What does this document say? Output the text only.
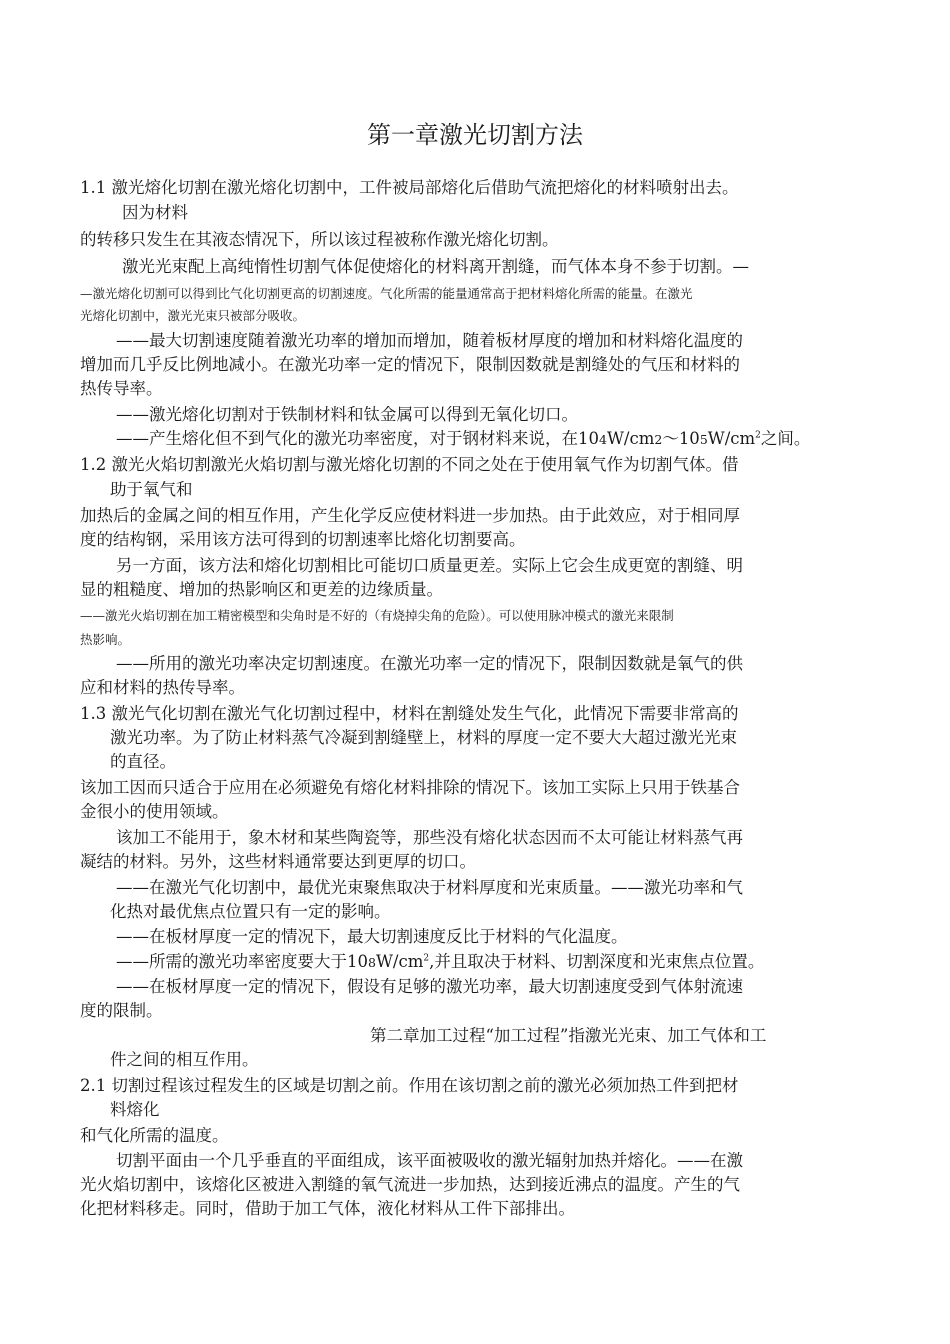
第一章激光切割方法
1.1 激光熔化切割在激光熔化切割中，工件被局部熔化后借助气流把熔化的材料喷射出去。
因为材料
的转移只发生在其液态情况下，所以该过程被称作激光熔化切割。
激光光束配上高纯惰性切割气体促使熔化的材料离开割缝，而气体本身不参于切割。—
—激光熔化切割可以得到比气化切割更高的切割速度。气化所需的能量通常高于把材料熔化所需的能量。在激光
光熔化切割中，激光光束只被部分吸收。
——最大切割速度随着激光功率的增加而增加，随着板材厚度的增加和材料熔化温度的
增加而几乎反比例地减小。在激光功率一定的情况下，限制因数就是割缝处的气压和材料的
热传导率。
——激光熔化切割对于铁制材料和钛金属可以得到无氧化切口。
——产生熔化但不到气化的激光功率密度，对于钢材料来说，在$104W/cm2\sim 105W/cm^2$之间。
1.2 激光火焰切割激光火焰切割与激光熔化切割的不同之处在于使用氧气作为切割气体。借
助于氧气和
加热后的金属之间的相互作用，产生化学反应使材料进一步加热。由于此效应，对于相同厚
度的结构钢，采用该方法可得到的切割速率比熔化切割要高。
另一方面，该方法和熔化切割相比可能切口质量更差。实际上它会生成更宽的割缝、明
显的粗糙度、增加的热影响区和更差的边缘质量。
——激光火焰切割在加工精密模型和尖角时是不好的（有烧掉尖角的危险）。可以使用脉冲模式的激光来限制
热影响。
——所用的激光功率决定切割速度。在激光功率一定的情况下，限制因数就是氧气的供
应和材料的热传导率。
1.3 激光气化切割在激光气化切割过程中，材料在割缝处发生气化，此情况下需要非常高的
激光功率。为了防止材料蒸气冷凝到割缝壁上，材料的厚度一定不要大大超过激光光束
的直径。
该加工因而只适合于应用在必须避免有熔化材料排除的情况下。该加工实际上只用于铁基合
金很小的使用领域。
该加工不能用于，象木材和某些陶瓷等，那些没有熔化状态因而不太可能让材料蒸气再
凝结的材料。另外，这些材料通常要达到更厚的切口。
——在激光气化切割中，最优光束聚焦取决于材料厚度和光束质量。——激光功率和气
化热对最优焦点位置只有一定的影响。
——在板材厚度一定的情况下，最大切割速度反比于材料的气化温度。
——所需的激光功率密度要大于$108W/cm^2$,并且取决于材料、切割深度和光束焦点位置。
——在板材厚度一定的情况下，假设有足够的激光功率，最大切割速度受到气体射流速
度的限制。
第二章加工过程“加工过程”指激光光束、加工气体和工
件之间的相互作用。
2.1 切割过程该过程发生的区域是切割之前。作用在该切割之前的激光必须加热工件到把材
料熔化
和气化所需的温度。
切割平面由一个几乎垂直的平面组成，该平面被吸收的激光辐射加热并熔化。——在激
光火焰切割中，该熔化区被进入割缝的氧气流进一步加热，达到接近沸点的温度。产生的气
化把材料移走。同时，借助于加工气体，液化材料从工件下部排出。
